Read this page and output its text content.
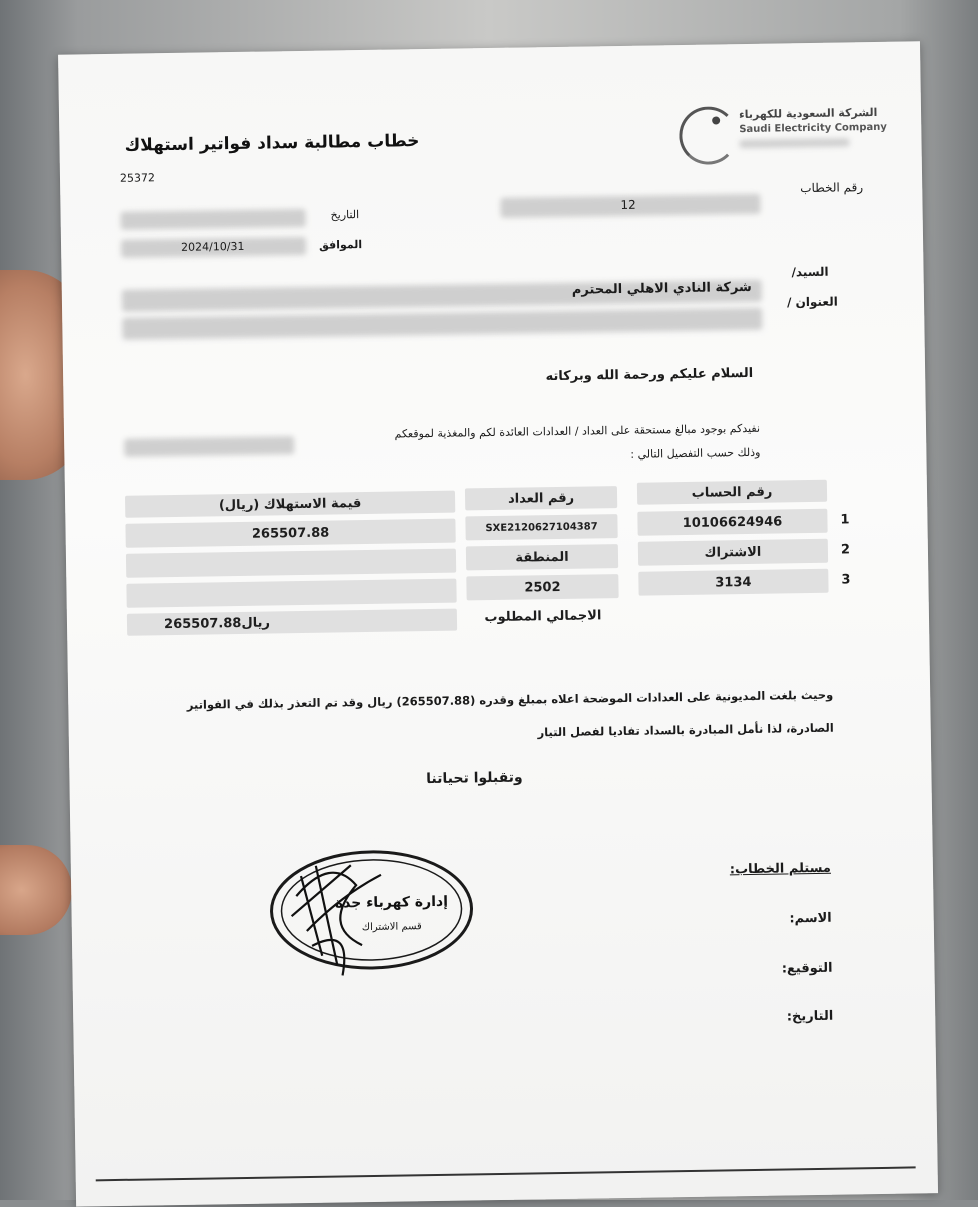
الشركة السعودية للكهرباء
Saudi Electricity Company
خطاب مطالبة سداد فواتير استهلاك
25372
رقم الخطاب
12
التاريخ
2024/10/31	الموافق
السيد/
العنوان /
شركة النادي الاهلي المحترم
السلام عليكم ورحمة الله وبركاته
نفيدكم بوجود مبالغ مستحقة على العداد / العدادات العائدة لكم والمغذية لموقعكم
وذلك حسب التفصيل التالي :
رقم الحساب
رقم العداد
قيمة الاستهلاك (ريال)
1
10106624946
SXE2120627104387
265507.88
2
الاشتراك
المنطقة
3
3134
2502
الاجمالي المطلوب
265507.88ريال
وحيث بلغت المديونية على العدادات الموضحة اعلاه بمبلغ وقدره (265507.88) ريال وقد تم التعذر بذلك في الفواتير
الصادرة، لذا نأمل المبادرة بالسداد تفاديا لفصل التيار
وتقبلوا تحياتنا
مستلم الخطاب:
الاسم:
التوقيع:
التاريخ:
إدارة كهرباء جدة
قسم الاشتراك
